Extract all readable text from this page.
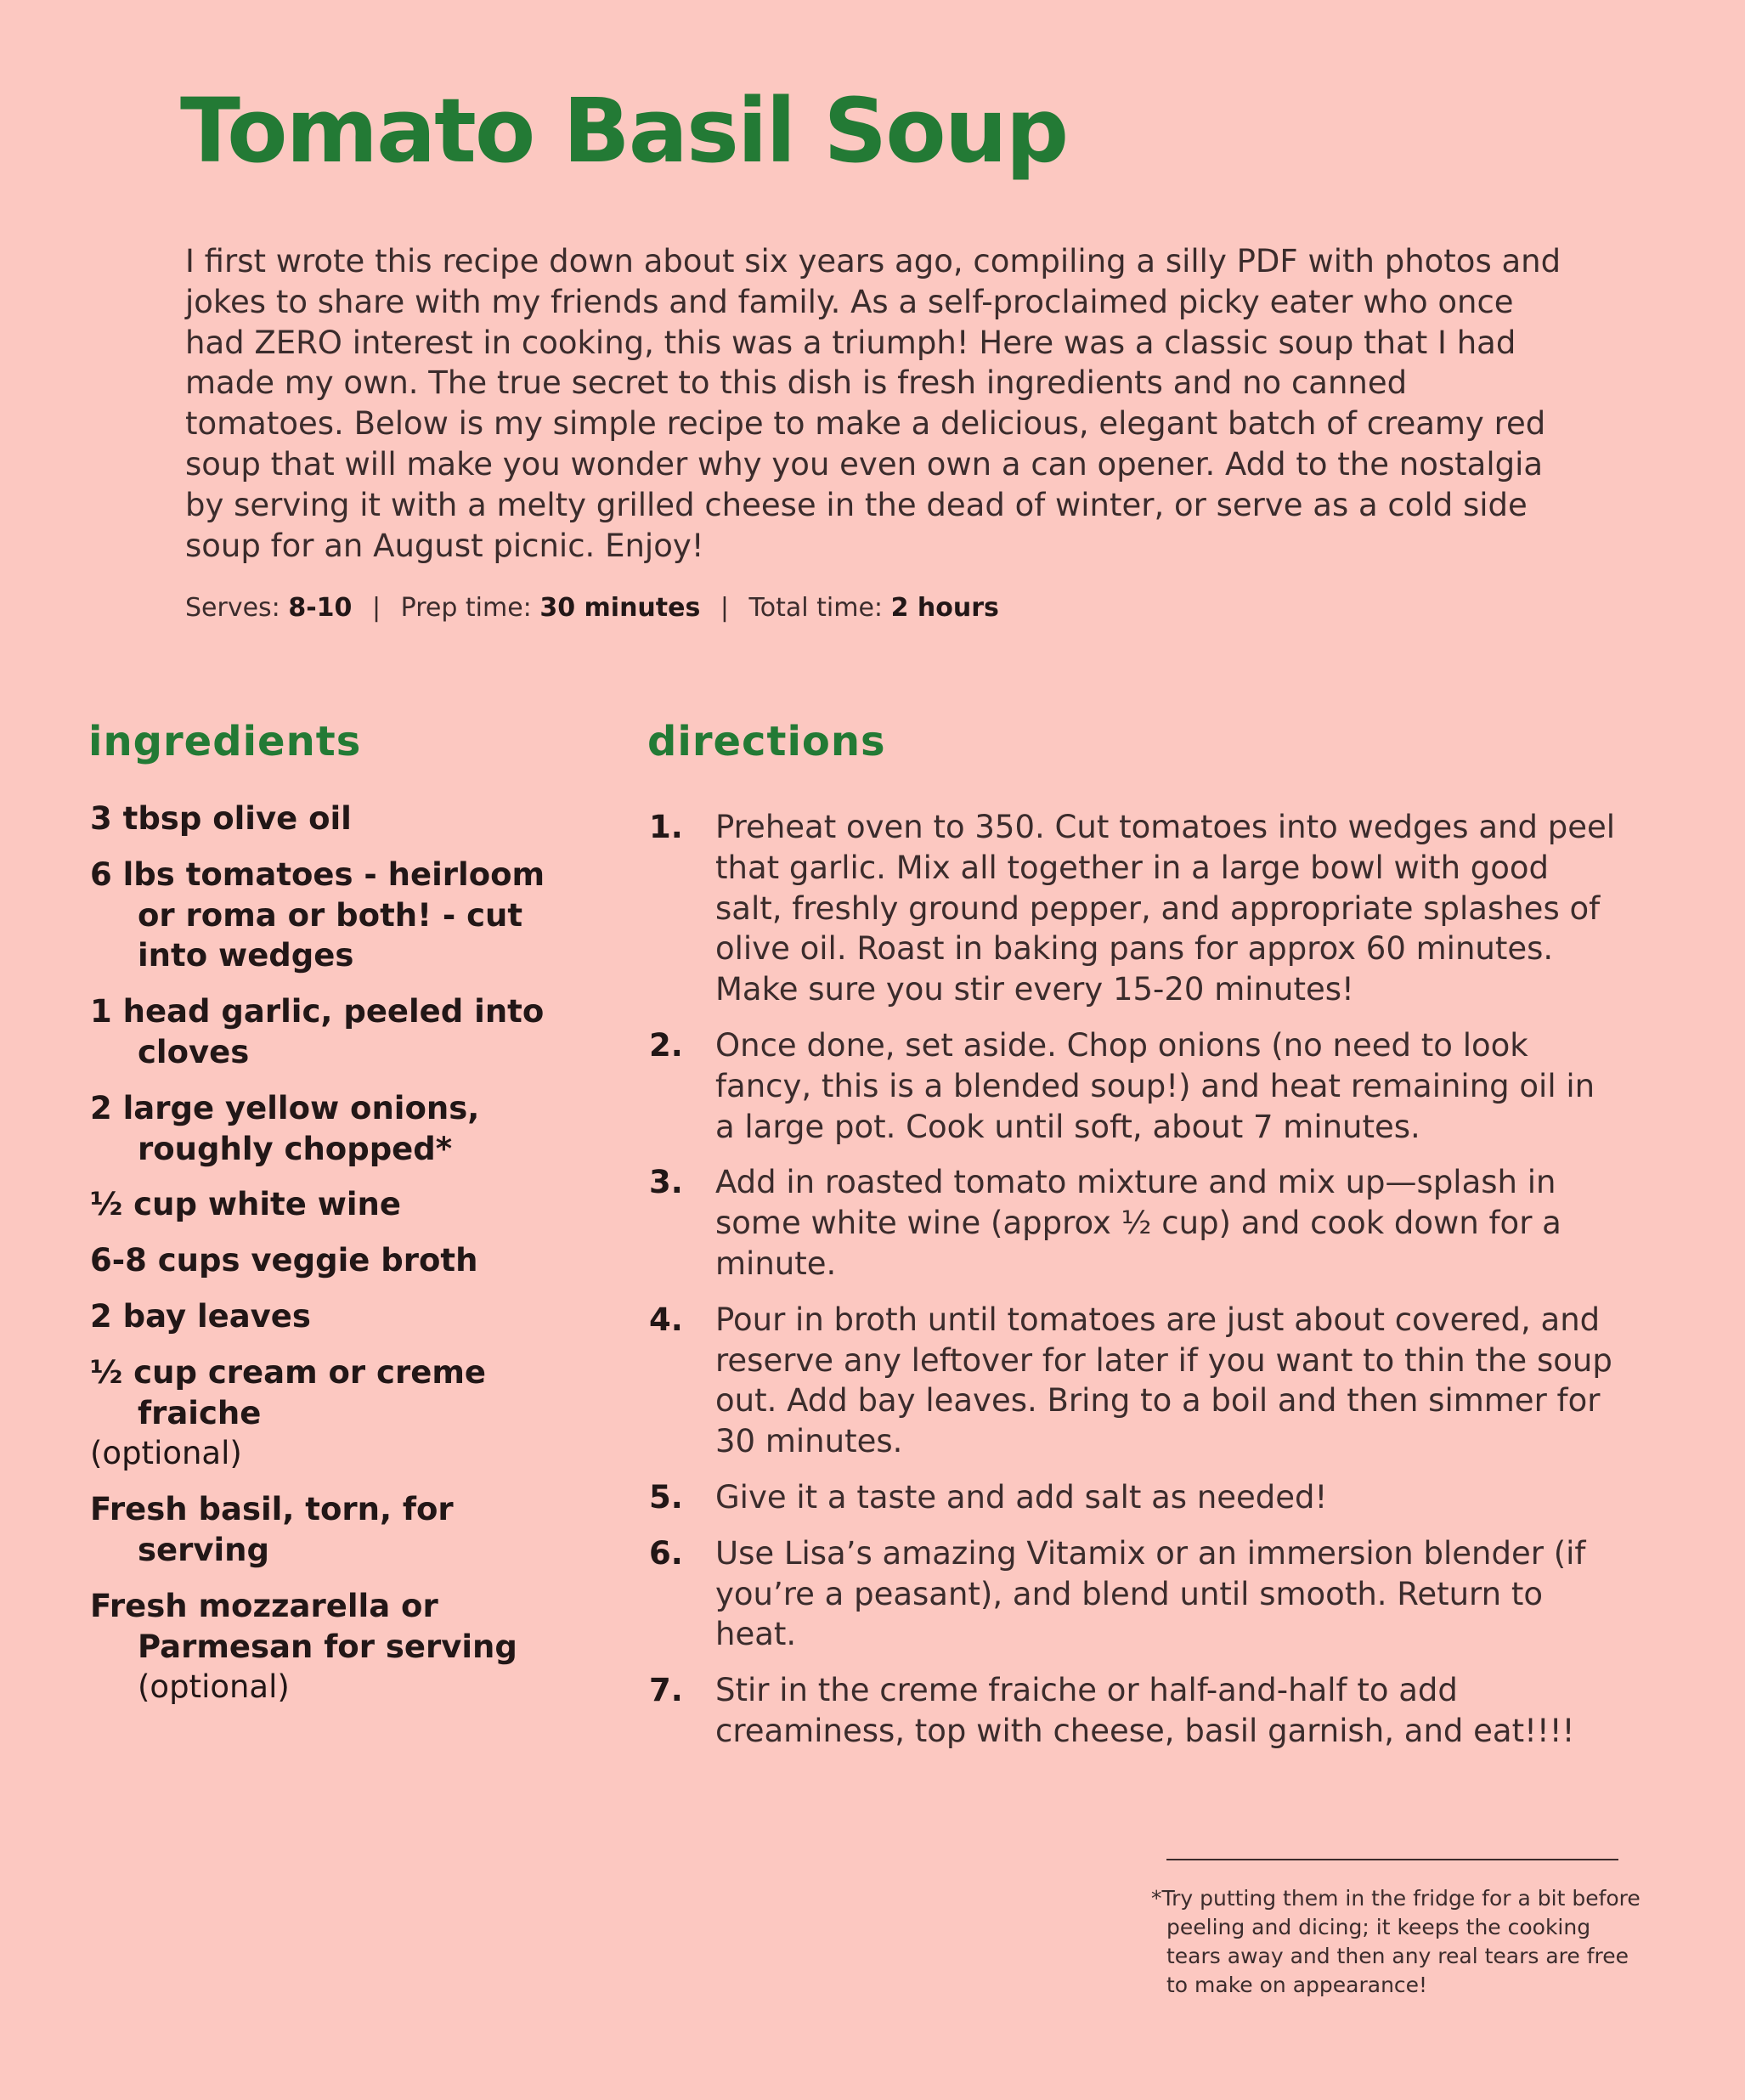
Tomato Basil Soup

I first wrote this recipe down about six years ago, compiling a silly PDF with photos and jokes to share with my friends and family. As a self-proclaimed picky eater who once had ZERO interest in cooking, this was a triumph! Here was a classic soup that I had made my own. The true secret to this dish is fresh ingredients and no canned tomatoes. Below is my simple recipe to make a delicious, elegant batch of creamy red soup that will make you wonder why you even own a can opener. Add to the nostalgia by serving it with a melty grilled cheese in the dead of winter, or serve as a cold side soup for an August picnic. Enjoy!

Serves: 8-10 | Prep time: 30 minutes | Total time: 2 hours
ingredients	directions
3 tbsp olive oil
6 lbs tomatoes - heirloom or roma or both! - cut into wedges
1 head garlic, peeled into cloves
2 large yellow onions, roughly chopped*
½ cup white wine
6-8 cups veggie broth
2 bay leaves
½ cup cream or creme fraiche
(optional)
Fresh basil, torn, for serving
Fresh mozzarella or Parmesan for serving (optional)
1. Preheat oven to 350. Cut tomatoes into wedges and peel that garlic. Mix all together in a large bowl with good salt, freshly ground pepper, and appropriate splashes of olive oil. Roast in baking pans for approx 60 minutes. Make sure you stir every 15-20 minutes!
2. Once done, set aside. Chop onions (no need to look fancy, this is a blended soup!) and heat remaining oil in a large pot. Cook until soft, about 7 minutes.
3. Add in roasted tomato mixture and mix up—splash in some white wine (approx ½ cup) and cook down for a minute.
4. Pour in broth until tomatoes are just about covered, and reserve any leftover for later if you want to thin the soup out. Add bay leaves. Bring to a boil and then simmer for 30 minutes.
5. Give it a taste and add salt as needed!
6. Use Lisa’s amazing Vitamix or an immersion blender (if you’re a peasant), and blend until smooth. Return to heat.
7. Stir in the creme fraiche or half-and-half to add creaminess, top with cheese, basil garnish, and eat!!!!

*Try putting them in the fridge for a bit before peeling and dicing; it keeps the cooking tears away and then any real tears are free to make on appearance!
